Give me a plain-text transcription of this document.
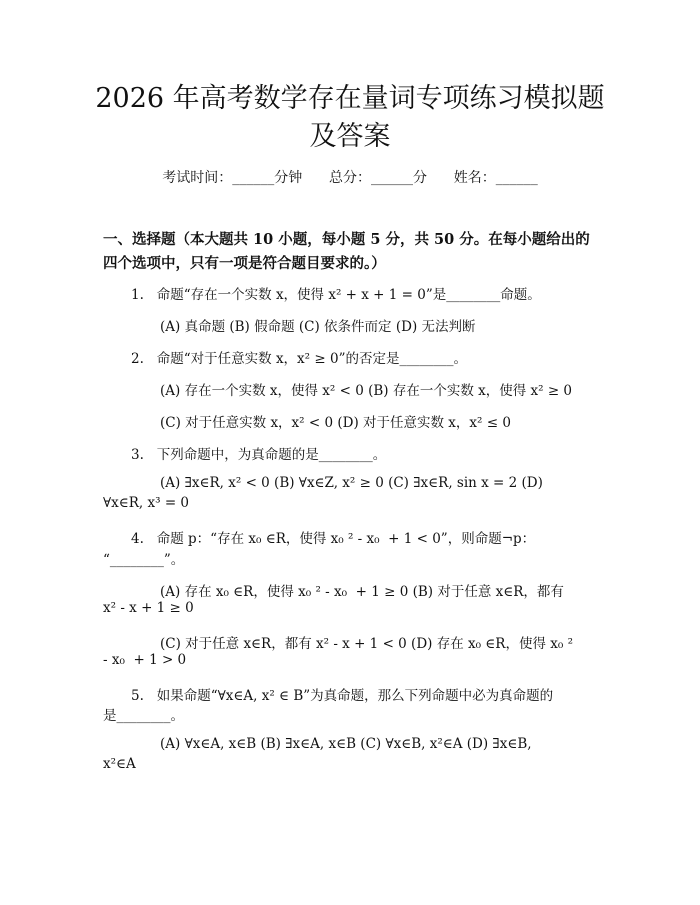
2026 年高考数学存在量词专项练习模拟题及答案
考试时间：______分钟      总分：______分      姓名：______
一、选择题（本大题共 10 小题，每小题 5 分，共 50 分。在每小题给出的四个选项中，只有一项是符合题目要求的。）
1.   命题“存在一个实数 x，使得 x² + x + 1 = 0”是________命题。
(A) 真命题 (B) 假命题 (C) 依条件而定 (D) 无法判断
2.   命题“对于任意实数 x，x² ≥ 0”的否定是________。
(A) 存在一个实数 x，使得 x² < 0 (B) 存在一个实数 x，使得 x² ≥ 0
(C) 对于任意实数 x，x² < 0 (D) 对于任意实数 x，x² ≤ 0
3.   下列命题中，为真命题的是________。
(A) ∃x∈R, x² < 0 (B) ∀x∈Z, x² ≥ 0 (C) ∃x∈R, sin x = 2 (D)
∀x∈R, x³ = 0
4.   命题 p：“存在 x₀ ∈R，使得 x₀ ² - x₀  + 1 < 0”，则命题¬p：
“________”。
(A) 存在 x₀ ∈R，使得 x₀ ² - x₀  + 1 ≥ 0 (B) 对于任意 x∈R，都有
x² - x + 1 ≥ 0
(C) 对于任意 x∈R，都有 x² - x + 1 < 0 (D) 存在 x₀ ∈R，使得 x₀ ²
- x₀  + 1 > 0
5.   如果命题“∀x∈A, x² ∈ B”为真命题，那么下列命题中必为真命题的
是________。
(A) ∀x∈A, x∈B (B) ∃x∈A, x∈B (C) ∀x∈B, x²∈A (D) ∃x∈B,
x²∈A
